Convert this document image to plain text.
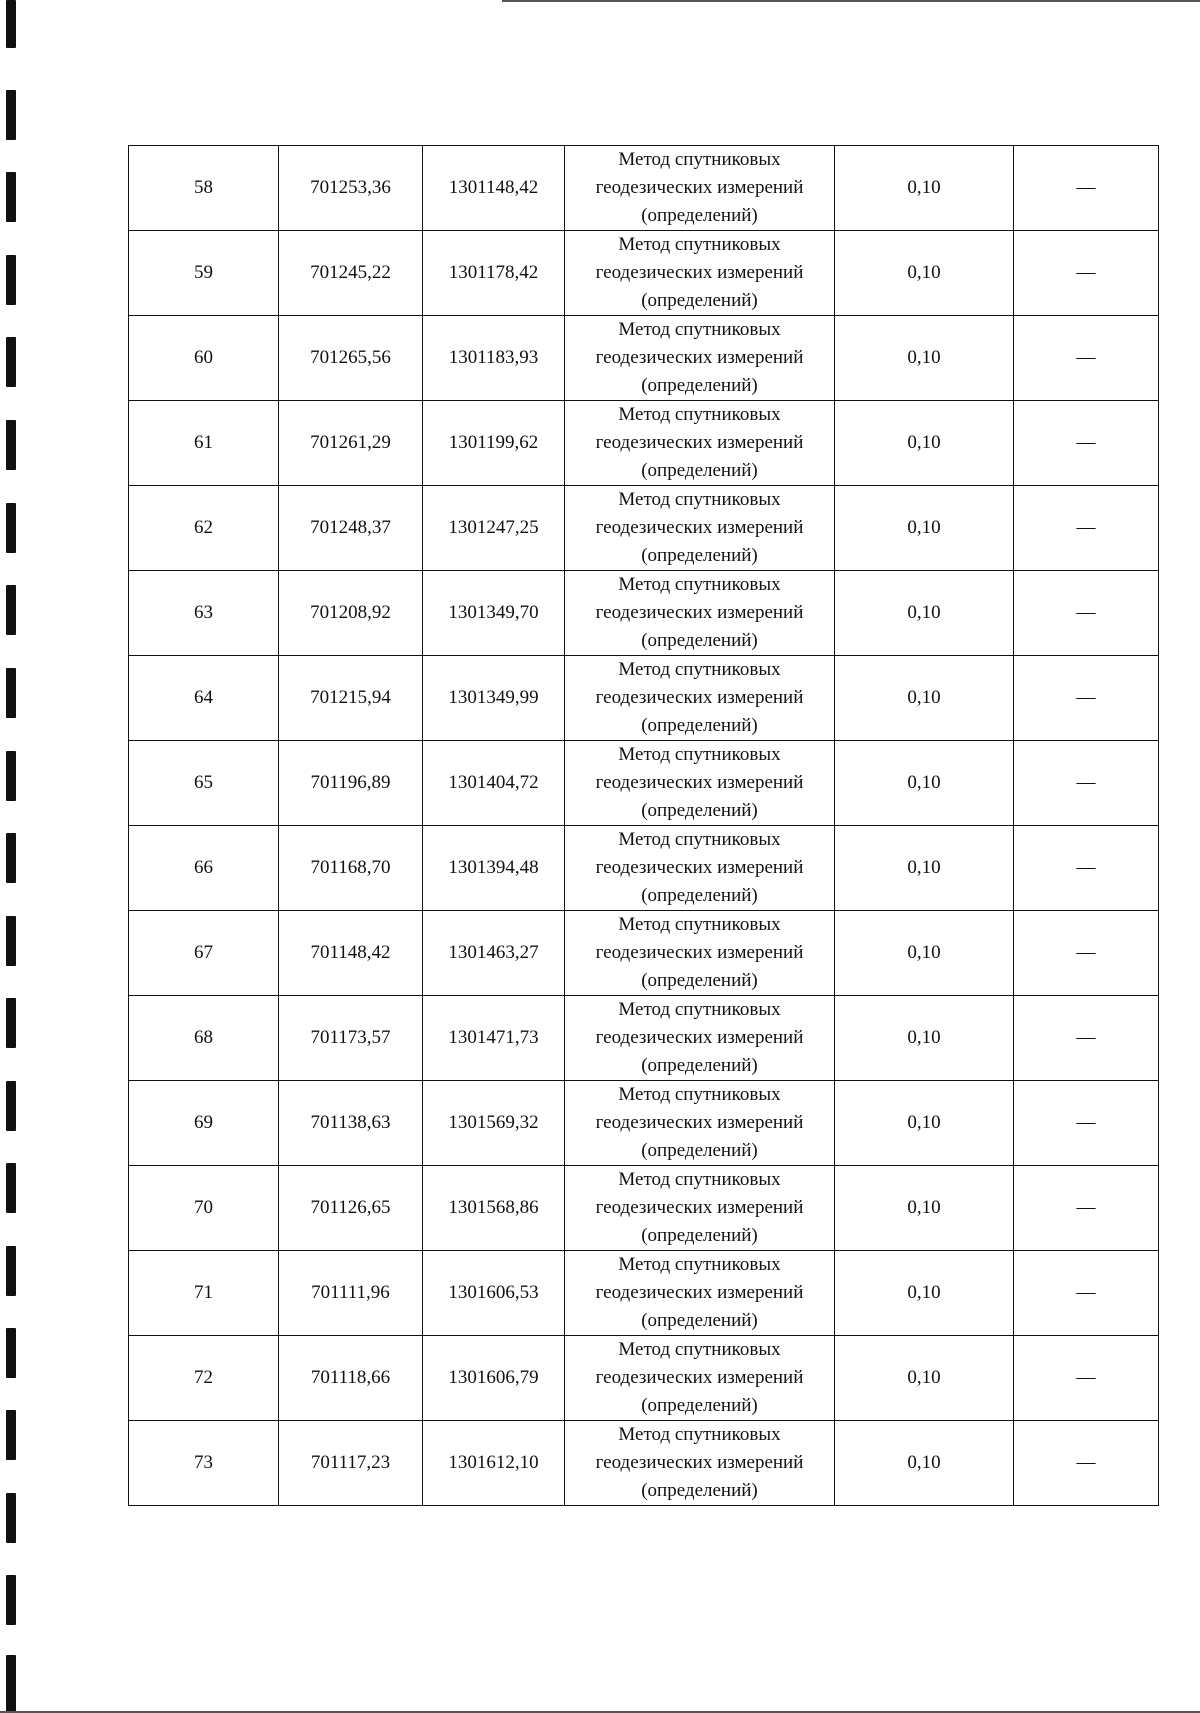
58	701253,36	1301148,42	Метод спутниковых
геодезических измерений
(определений)	0,10	—
59	701245,22	1301178,42	Метод спутниковых
геодезических измерений
(определений)	0,10	—
60	701265,56	1301183,93	Метод спутниковых
геодезических измерений
(определений)	0,10	—
61	701261,29	1301199,62	Метод спутниковых
геодезических измерений
(определений)	0,10	—
62	701248,37	1301247,25	Метод спутниковых
геодезических измерений
(определений)	0,10	—
63	701208,92	1301349,70	Метод спутниковых
геодезических измерений
(определений)	0,10	—
64	701215,94	1301349,99	Метод спутниковых
геодезических измерений
(определений)	0,10	—
65	701196,89	1301404,72	Метод спутниковых
геодезических измерений
(определений)	0,10	—
66	701168,70	1301394,48	Метод спутниковых
геодезических измерений
(определений)	0,10	—
67	701148,42	1301463,27	Метод спутниковых
геодезических измерений
(определений)	0,10	—
68	701173,57	1301471,73	Метод спутниковых
геодезических измерений
(определений)	0,10	—
69	701138,63	1301569,32	Метод спутниковых
геодезических измерений
(определений)	0,10	—
70	701126,65	1301568,86	Метод спутниковых
геодезических измерений
(определений)	0,10	—
71	701111,96	1301606,53	Метод спутниковых
геодезических измерений
(определений)	0,10	—
72	701118,66	1301606,79	Метод спутниковых
геодезических измерений
(определений)	0,10	—
73	701117,23	1301612,10	Метод спутниковых
геодезических измерений
(определений)	0,10	—
